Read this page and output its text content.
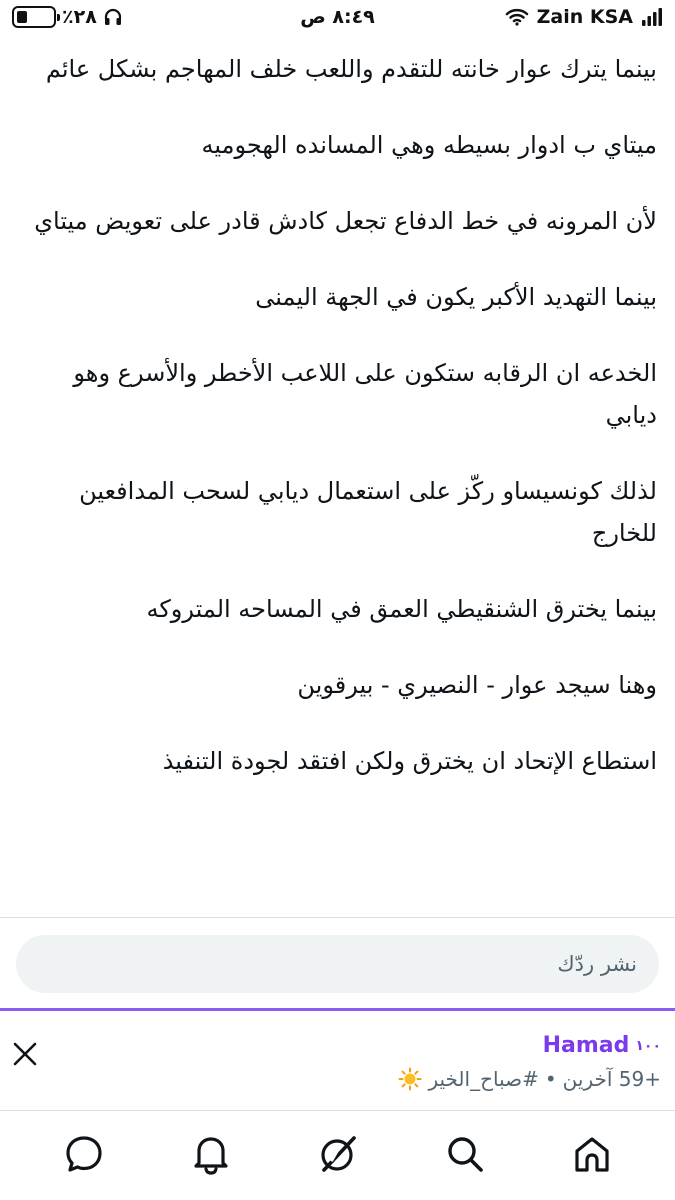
٪٢٨	٨:٤٩ ص	Zain KSA

بينما يترك عوار خانته للتقدم واللعب خلف المهاجم بشكل عائم

ميتاي ب ادوار بسيطه وهي المسانده الهجوميه

لأن المرونه في خط الدفاع تجعل كادش قادر على تعويض ميتاي

بينما التهديد الأكبر يكون في الجهة اليمنى

الخدعه ان الرقابه ستكون على اللاعب الأخطر والأسرع وهو ديابي

لذلك كونسيساو ركّز على استعمال ديابي لسحب المدافعين للخارج

بينما يخترق الشنقيطي العمق في المساحه المتروكه

وهنا سيجد عوار - النصيري - بيرقوين

استطاع الإتحاد ان يخترق ولكن افتقد لجودة التنفيذ

نشر ردّك
Hamad ١٠٠
+59 آخرين
•
#صباح_الخير
